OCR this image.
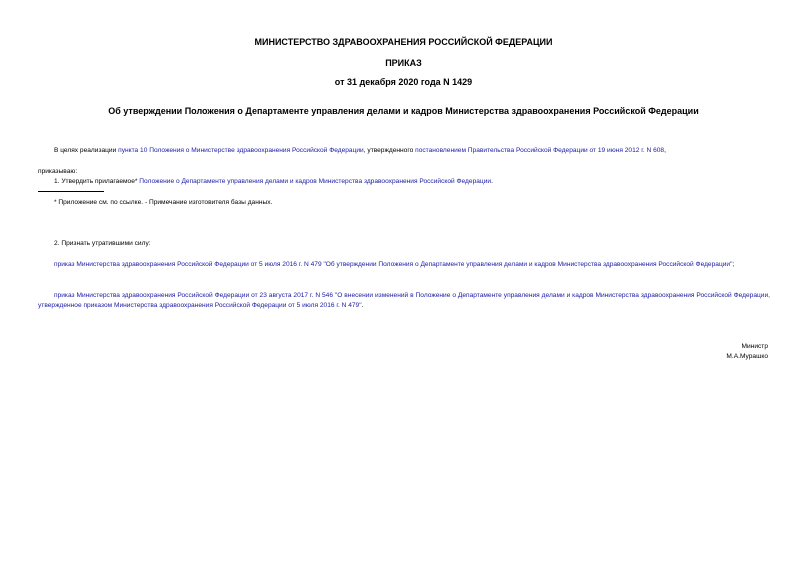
МИНИСТЕРСТВО ЗДРАВООХРАНЕНИЯ РОССИЙСКОЙ ФЕДЕРАЦИИ
ПРИКАЗ
от 31 декабря 2020 года N 1429
Об утверждении Положения о Департаменте управления делами и кадров Министерства здравоохранения Российской Федерации
В целях реализации пункта 10 Положения о Министерстве здравоохранения Российской Федерации, утвержденного постановлением Правительства Российской Федерации от 19 июня 2012 г. N 608,
приказываю:
1. Утвердить прилагаемое* Положение о Департаменте управления делами и кадров Министерства здравоохранения Российской Федерации.
* Приложение см. по ссылке. - Примечание изготовителя базы данных.
2. Признать утратившими силу:
приказ Министерства здравоохранения Российской Федерации от 5 июля 2016 г. N 479 "Об утверждении Положения о Департаменте управления делами и кадров Министерства здравоохранения Российской Федерации";
приказ Министерства здравоохранения Российской Федерации от 23 августа 2017 г. N 546 "О внесении изменений в Положение о Департаменте управления делами и кадров Министерства здравоохранения Российской Федерации, утвержденное приказом Министерства здравоохранения Российской Федерации от 5 июля 2016 г. N 479".
Министр
М.А.Мурашко
